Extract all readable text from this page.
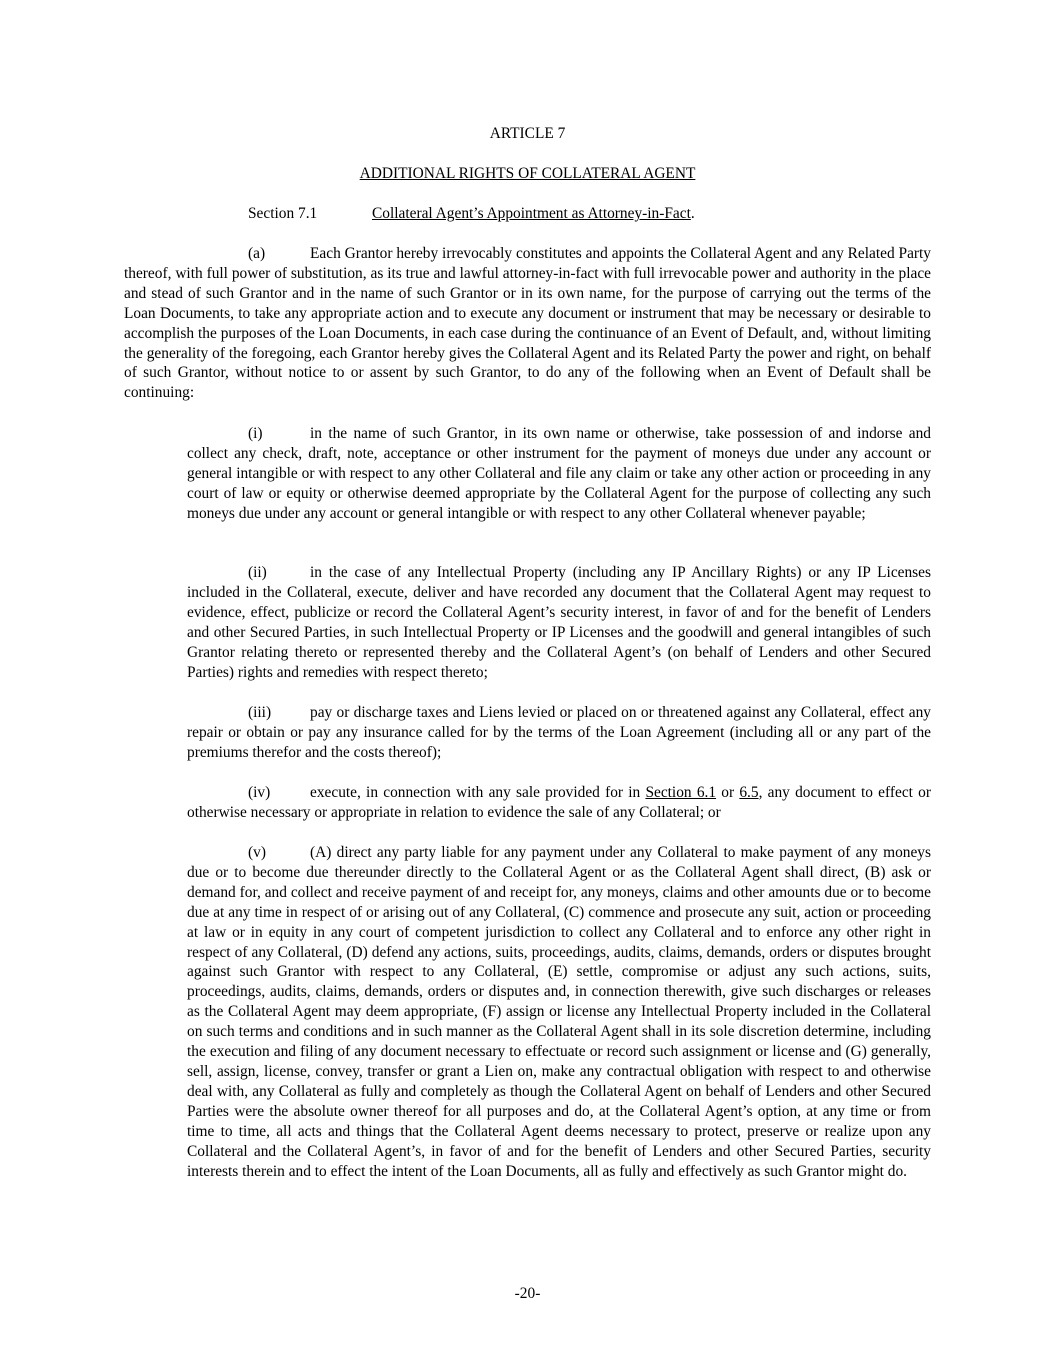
ARTICLE 7
ADDITIONAL RIGHTS OF COLLATERAL AGENT
Section 7.1	Collateral Agent’s Appointment as Attorney-in-Fact.
(a)	Each Grantor hereby irrevocably constitutes and appoints the Collateral Agent and any Related Party thereof, with full power of substitution, as its true and lawful attorney-in-fact with full irrevocable power and authority in the place and stead of such Grantor and in the name of such Grantor or in its own name, for the purpose of carrying out the terms of the Loan Documents, to take any appropriate action and to execute any document or instrument that may be necessary or desirable to accomplish the purposes of the Loan Documents, in each case during the continuance of an Event of Default, and, without limiting the generality of the foregoing, each Grantor hereby gives the Collateral Agent and its Related Party the power and right, on behalf of such Grantor, without notice to or assent by such Grantor, to do any of the following when an Event of Default shall be continuing:
(i)	in the name of such Grantor, in its own name or otherwise, take possession of and indorse and collect any check, draft, note, acceptance or other instrument for the payment of moneys due under any account or general intangible or with respect to any other Collateral and file any claim or take any other action or proceeding in any court of law or equity or otherwise deemed appropriate by the Collateral Agent for the purpose of collecting any such moneys due under any account or general intangible or with respect to any other Collateral whenever payable;
(ii)	in the case of any Intellectual Property (including any IP Ancillary Rights) or any IP Licenses included in the Collateral, execute, deliver and have recorded any document that the Collateral Agent may request to evidence, effect, publicize or record the Collateral Agent’s security interest, in favor of and for the benefit of Lenders and other Secured Parties, in such Intellectual Property or IP Licenses and the goodwill and general intangibles of such Grantor relating thereto or represented thereby and the Collateral Agent’s (on behalf of Lenders and other Secured Parties) rights and remedies with respect thereto;
(iii)	pay or discharge taxes and Liens levied or placed on or threatened against any Collateral, effect any repair or obtain or pay any insurance called for by the terms of the Loan Agreement (including all or any part of the premiums therefor and the costs thereof);
(iv)	execute, in connection with any sale provided for in Section 6.1 or 6.5, any document to effect or otherwise necessary or appropriate in relation to evidence the sale of any Collateral; or
(v)	(A) direct any party liable for any payment under any Collateral to make payment of any moneys due or to become due thereunder directly to the Collateral Agent or as the Collateral Agent shall direct, (B) ask or demand for, and collect and receive payment of and receipt for, any moneys, claims and other amounts due or to become due at any time in respect of or arising out of any Collateral, (C) commence and prosecute any suit, action or proceeding at law or in equity in any court of competent jurisdiction to collect any Collateral and to enforce any other right in respect of any Collateral, (D) defend any actions, suits, proceedings, audits, claims, demands, orders or disputes brought against such Grantor with respect to any Collateral, (E) settle, compromise or adjust any such actions, suits, proceedings, audits, claims, demands, orders or disputes and, in connection therewith, give such discharges or releases as the Collateral Agent may deem appropriate, (F) assign or license any Intellectual Property included in the Collateral on such terms and conditions and in such manner as the Collateral Agent shall in its sole discretion determine, including the execution and filing of any document necessary to effectuate or record such assignment or license and (G) generally, sell, assign, license, convey, transfer or grant a Lien on, make any contractual obligation with respect to and otherwise deal with, any Collateral as fully and completely as though the Collateral Agent on behalf of Lenders and other Secured Parties were the absolute owner thereof for all purposes and do, at the Collateral Agent’s option, at any time or from time to time, all acts and things that the Collateral Agent deems necessary to protect, preserve or realize upon any Collateral and the Collateral Agent’s, in favor of and for the benefit of Lenders and other Secured Parties, security interests therein and to effect the intent of the Loan Documents, all as fully and effectively as such Grantor might do.
-20-
